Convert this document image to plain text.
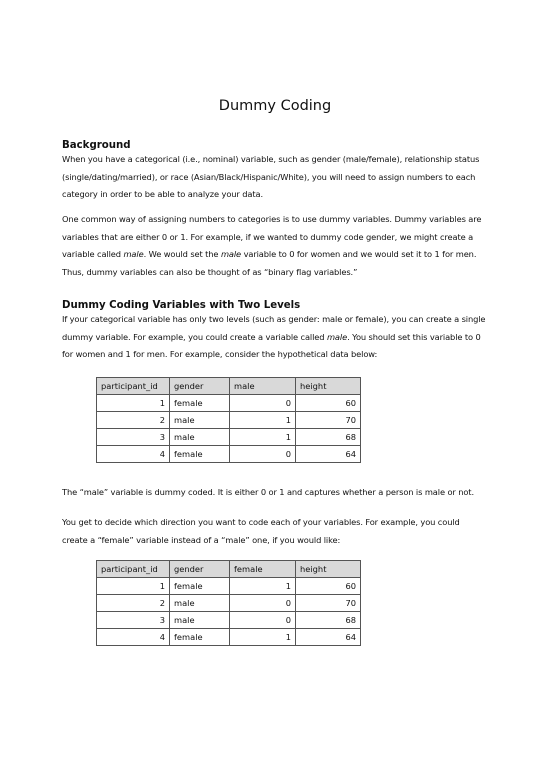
Dummy Coding
Background

When you have a categorical (i.e., nominal) variable, such as gender (male/female), relationship status
(single/dating/married), or race (Asian/Black/Hispanic/White), you will need to assign numbers to each
category in order to be able to analyze your data.

One common way of assigning numbers to categories is to use dummy variables. Dummy variables are
variables that are either 0 or 1. For example, if we wanted to dummy code gender, we might create a
variable called male. We would set the male variable to 0 for women and we would set it to 1 for men.
Thus, dummy variables can also be thought of as “binary flag variables.”

Dummy Coding Variables with Two Levels

If your categorical variable has only two levels (such as gender: male or female), you can create a single
dummy variable. For example, you could create a variable called male. You should set this variable to 0
for women and 1 for men. For example, consider the hypothetical data below:

participant_id	gender	male	height
1	female	0	60
2	male	1	70
3	male	1	68
4	female	0	64

The “male” variable is dummy coded. It is either 0 or 1 and captures whether a person is male or not.

You get to decide which direction you want to code each of your variables. For example, you could
create a “female” variable instead of a “male” one, if you would like:

participant_id	gender	female	height
1	female	1	60
2	male	0	70
3	male	0	68
4	female	1	64
